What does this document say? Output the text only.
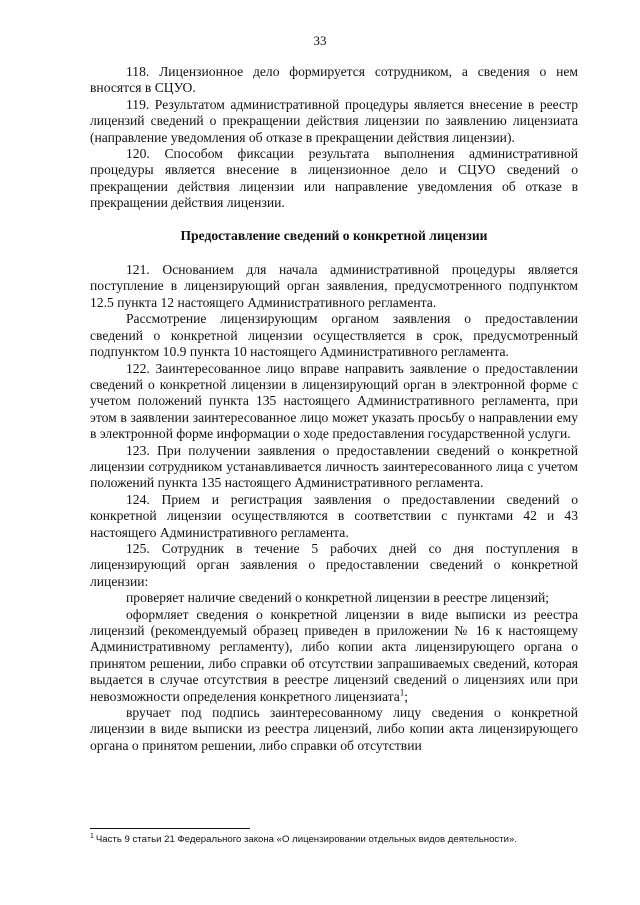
33

118. Лицензионное дело формируется сотрудником, а сведения о нем вносятся в СЦУО.

119. Результатом административной процедуры является внесение в реестр лицензий сведений о прекращении действия лицензии по заявлению лицензиата (направление уведомления об отказе в прекращении действия лицензии).

120. Способом фиксации результата выполнения административной процедуры является внесение в лицензионное дело и СЦУО сведений о прекращении действия лицензии или направление уведомления об отказе в прекращении действия лицензии.

Предоставление сведений о конкретной лицензии

121. Основанием для начала административной процедуры является поступление в лицензирующий орган заявления, предусмотренного подпунктом 12.5 пункта 12 настоящего Административного регламента.

Рассмотрение лицензирующим органом заявления о предоставлении сведений о конкретной лицензии осуществляется в срок, предусмотренный подпунктом 10.9 пункта 10 настоящего Административного регламента.

122. Заинтересованное лицо вправе направить заявление о предоставлении сведений о конкретной лицензии в лицензирующий орган в электронной форме с учетом положений пункта 135 настоящего Административного регламента, при этом в заявлении заинтересованное лицо может указать просьбу о направлении ему в электронной форме информации о ходе предоставления государственной услуги.

123. При получении заявления о предоставлении сведений о конкретной лицензии сотрудником устанавливается личность заинтересованного лица с учетом положений пункта 135 настоящего Административного регламента.

124. Прием и регистрация заявления о предоставлении сведений о конкретной лицензии осуществляются в соответствии с пунктами 42 и 43 настоящего Административного регламента.

125. Сотрудник в течение 5 рабочих дней со дня поступления в лицензирующий орган заявления о предоставлении сведений о конкретной лицензии:

проверяет наличие сведений о конкретной лицензии в реестре лицензий;

оформляет сведения о конкретной лицензии в виде выписки из реестра лицензий (рекомендуемый образец приведен в приложении № 16 к настоящему Административному регламенту), либо копии акта лицензирующего органа о принятом решении, либо справки об отсутствии запрашиваемых сведений, которая выдается в случае отсутствия в реестре лицензий сведений о лицензиях или при невозможности определения конкретного лицензиата$^1$;

вручает под подпись заинтересованному лицу сведения о конкретной лицензии в виде выписки из реестра лицензий, либо копии акта лицензирующего органа о принятом решении, либо справки об отсутствии

$^1$ Часть 9 статьи 21 Федерального закона «О лицензировании отдельных видов деятельности».
